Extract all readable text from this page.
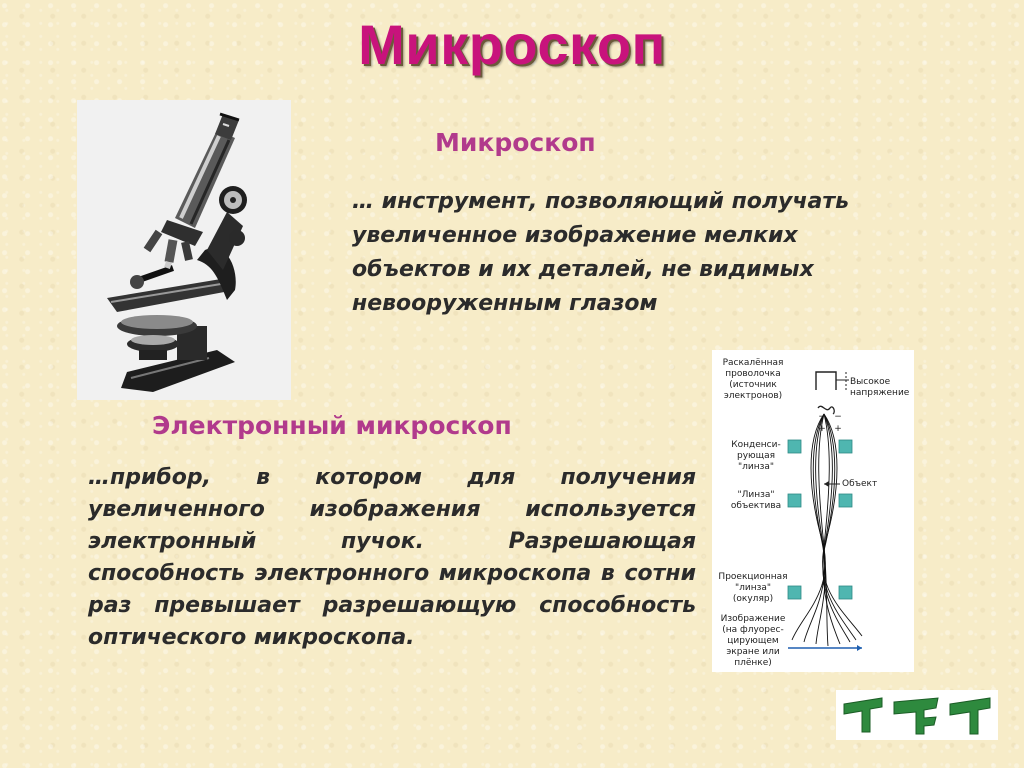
Микроскоп
Микроскоп
… инструмент, позволяющий получать увеличенное изображение мелких объектов и их деталей, не видимых невооруженным глазом
Электронный микроскоп
…прибор, в котором для получения увеличенного изображения используется электронный пучок. Разрешающая способность электронного микроскопа в сотни раз превышает разрешающую способность оптического микроскопа.
Раскалённая проволочка (источник электронов)
Высокое напряжение
− −
+ +
Конденси- рующая "линза"
Объект
"Линза" объектива
Проекционная "линза" (окуляр)
Изображение (на флуорес- цирующем экране или плёнке)
